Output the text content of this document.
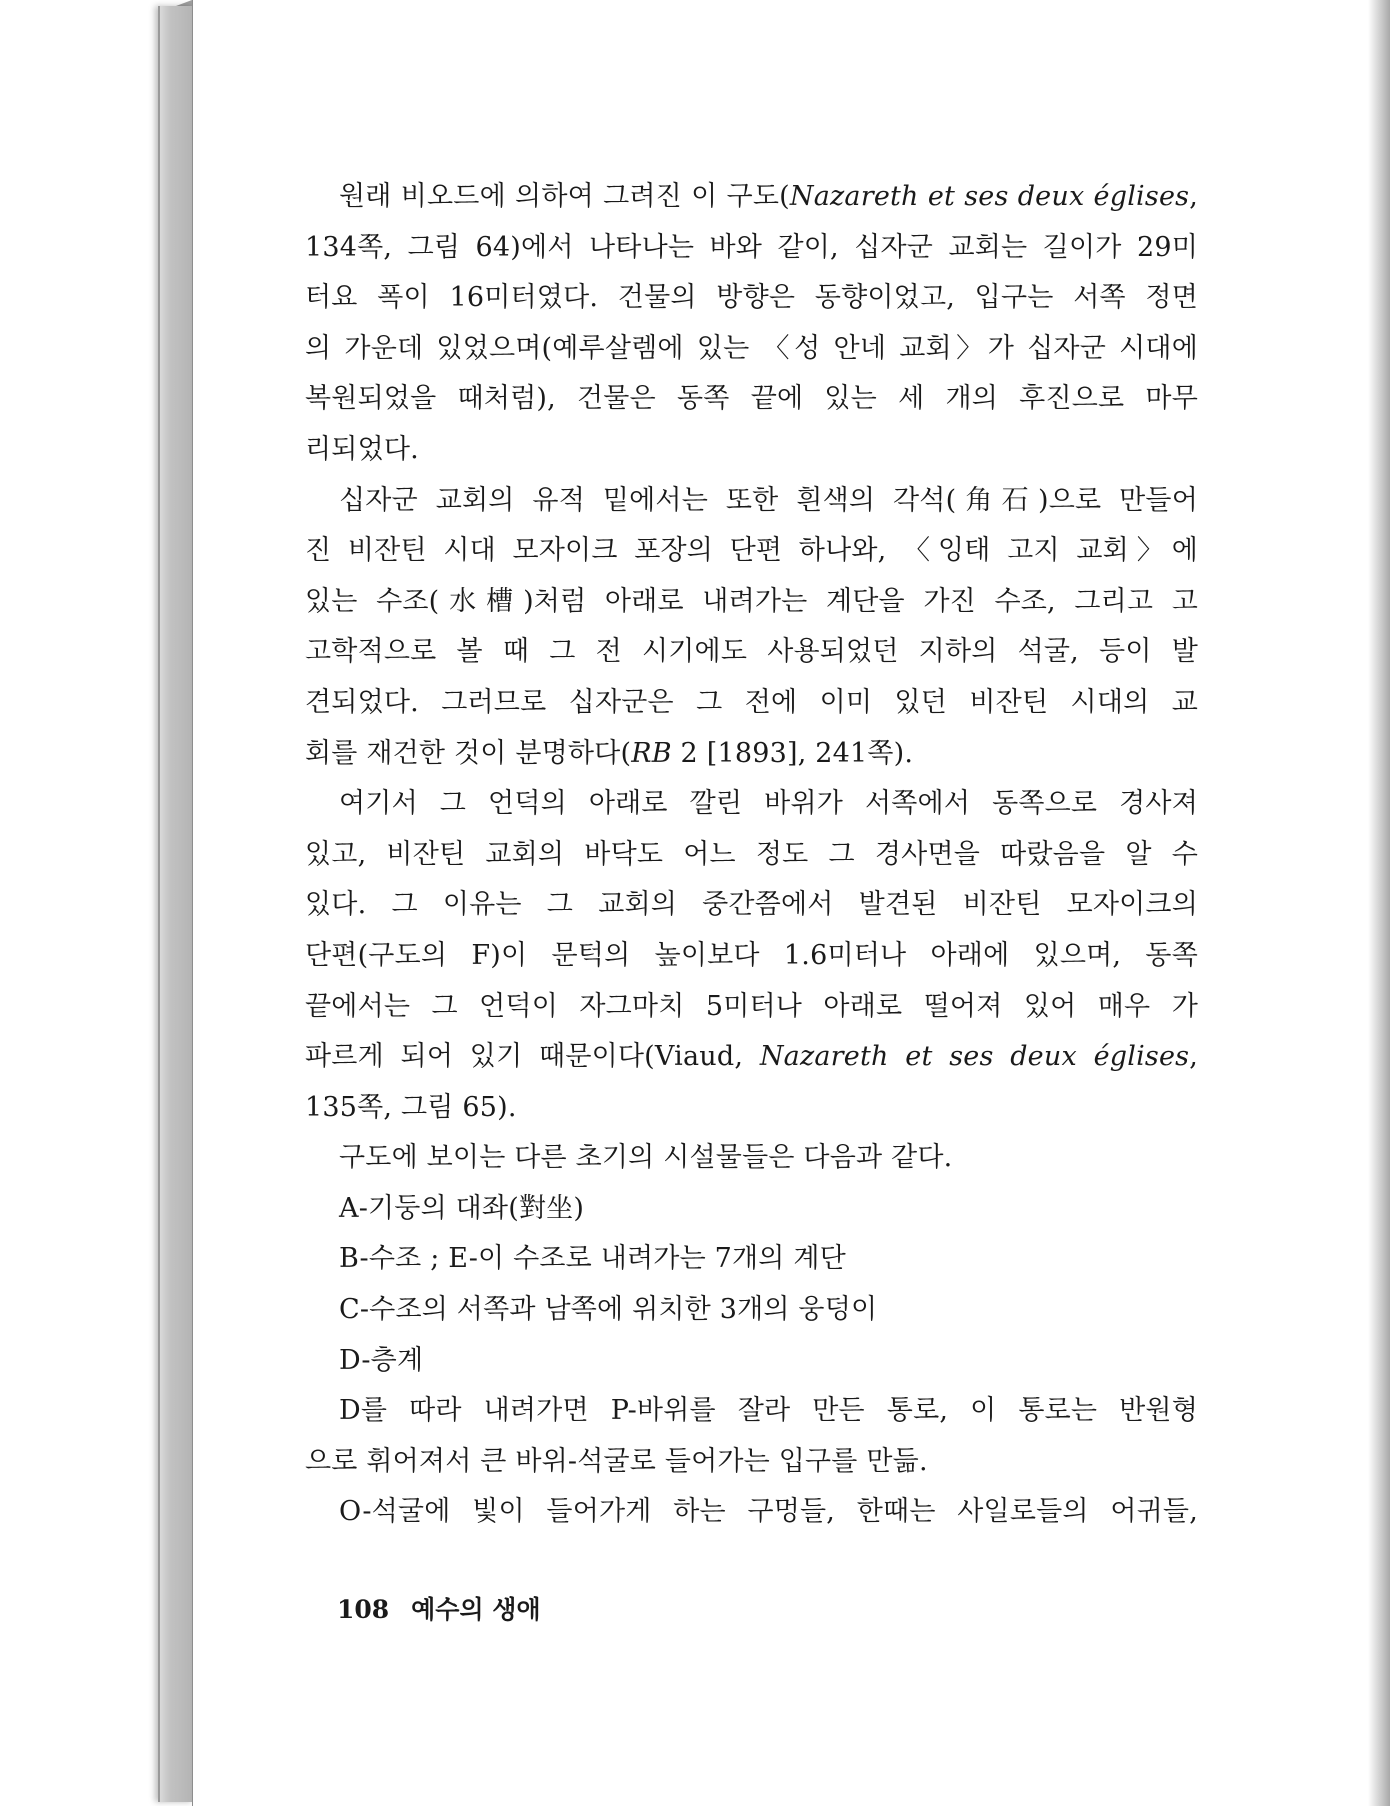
원래 비오드에 의하여 그려진 이 구도(Nazareth et ses deux églises,
134쪽, 그림 64)에서 나타나는 바와 같이, 십자군 교회는 길이가 29미
터요 폭이 16미터였다. 건물의 방향은 동향이었고, 입구는 서쪽 정면
의 가운데 있었으며(예루살렘에 있는 〈성 안네 교회〉가 십자군 시대에
복원되었을 때처럼), 건물은 동쪽 끝에 있는 세 개의 후진으로 마무
리되었다.
십자군 교회의 유적 밑에서는 또한 흰색의 각석(角石)으로 만들어
진 비잔틴 시대 모자이크 포장의 단편 하나와, 〈잉태 고지 교회〉에
있는 수조(水槽)처럼 아래로 내려가는 계단을 가진 수조, 그리고 고
고학적으로 볼 때 그 전 시기에도 사용되었던 지하의 석굴, 등이 발
견되었다. 그러므로 십자군은 그 전에 이미 있던 비잔틴 시대의 교
회를 재건한 것이 분명하다(RB 2 [1893], 241쪽).
여기서 그 언덕의 아래로 깔린 바위가 서쪽에서 동쪽으로 경사져
있고, 비잔틴 교회의 바닥도 어느 정도 그 경사면을 따랐음을 알 수
있다. 그 이유는 그 교회의 중간쯤에서 발견된 비잔틴 모자이크의
단편(구도의 F)이 문턱의 높이보다 1.6미터나 아래에 있으며, 동쪽
끝에서는 그 언덕이 자그마치 5미터나 아래로 떨어져 있어 매우 가
파르게 되어 있기 때문이다(Viaud, Nazareth et ses deux églises,
135쪽, 그림 65).
구도에 보이는 다른 초기의 시설물들은 다음과 같다.
A-기둥의 대좌(對坐)
B-수조 ; E-이 수조로 내려가는 7개의 계단
C-수조의 서쪽과 남쪽에 위치한 3개의 웅덩이
D-층계
D를 따라 내려가면 P-바위를 잘라 만든 통로, 이 통로는 반원형
으로 휘어져서 큰 바위-석굴로 들어가는 입구를 만듦.
O-석굴에 빛이 들어가게 하는 구멍들, 한때는 사일로들의 어귀들,
108 예수의 생애
